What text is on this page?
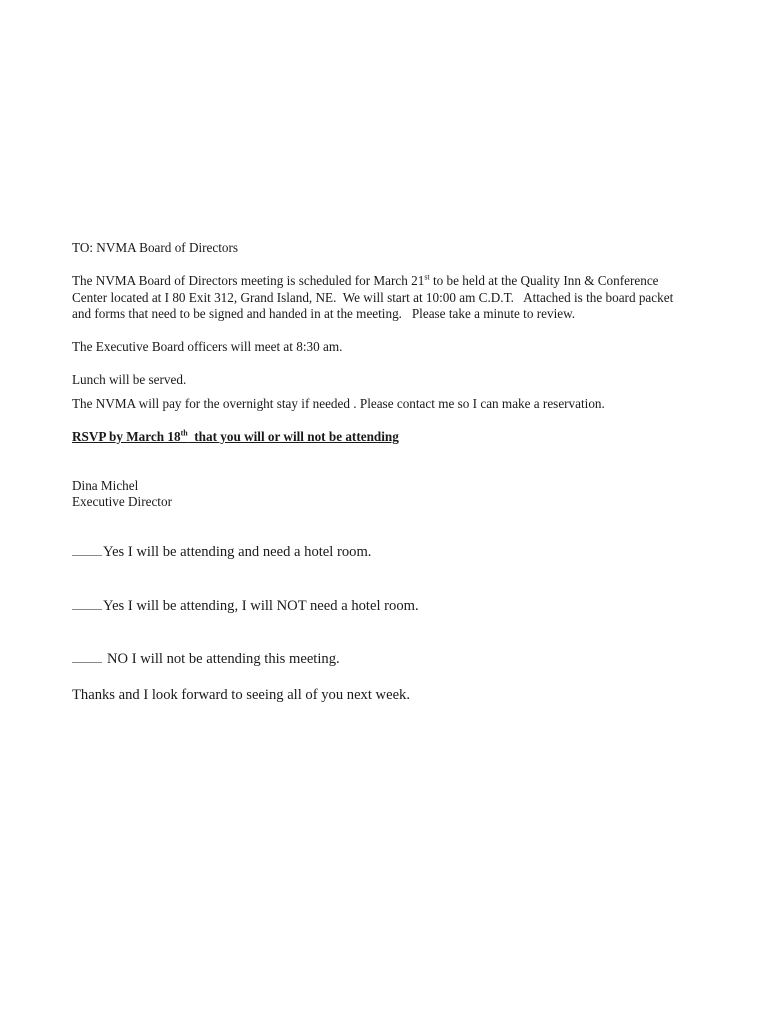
TO: NVMA Board of Directors
The NVMA Board of Directors meeting is scheduled for March 21st to be held at the Quality Inn & Conference
Center located at I 80 Exit 312, Grand Island, NE.  We will start at 10:00 am C.D.T.   Attached is the board packet
and forms that need to be signed and handed in at the meeting.   Please take a minute to review.
The Executive Board officers will meet at 8:30 am.
Lunch will be served.
The NVMA will pay for the overnight stay if needed . Please contact me so I can make a reservation.
RSVP by March 18th  that you will or will not be attending
Dina Michel
Executive Director
Yes I will be attending and need a hotel room.
Yes I will be attending, I will NOT need a hotel room.
NO I will not be attending this meeting.
Thanks and I look forward to seeing all of you next week.
